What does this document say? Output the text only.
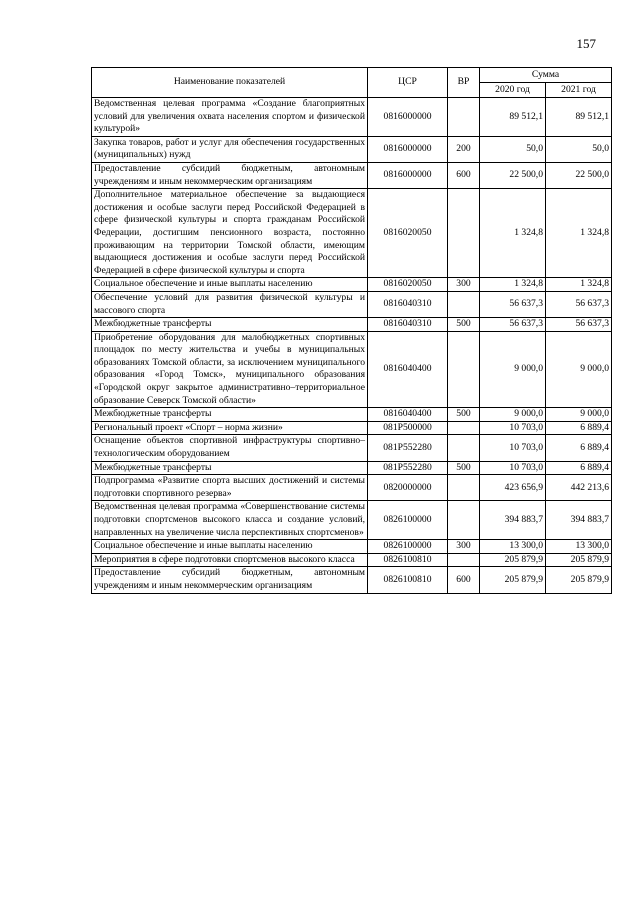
157
Наименование показателей	ЦСР	ВР	Сумма	
			2020 год	2021 год
Ведомственная целевая программа «Создание благоприятных условий для увеличения охвата населения спортом и физической культурой»	0816000000		89 512,1	89 512,1
Закупка товаров, работ и услуг для обеспечения государственных (муниципальных) нужд	0816000000	200	50,0	50,0
Предоставление субсидий бюджетным, автономным учреждениям и иным некоммерческим организациям	0816000000	600	22 500,0	22 500,0
Дополнительное материальное обеспечение за выдающиеся достижения и особые заслуги перед Российской Федерацией в сфере физической культуры и спорта гражданам Российской Федерации, достигшим пенсионного возраста, постоянно проживающим на территории Томской области, имеющим выдающиеся достижения и особые заслуги перед Российской Федерацией в сфере физической культуры и спорта	0816020050		1 324,8	1 324,8
Социальное обеспечение и иные выплаты населению	0816020050	300	1 324,8	1 324,8
Обеспечение условий для развития физической культуры и массового спорта	0816040310		56 637,3	56 637,3
Межбюджетные трансферты	0816040310	500	56 637,3	56 637,3
Приобретение оборудования для малобюджетных спортивных площадок по месту жительства и учебы в муниципальных образованиях Томской области, за исключением муниципального образования «Город Томск», муниципального образования «Городской округ закрытое административно–территориальное образование Северск Томской области»	0816040400		9 000,0	9 000,0
Межбюджетные трансферты	0816040400	500	9 000,0	9 000,0
Региональный проект «Спорт – норма жизни»	081P500000		10 703,0	6 889,4
Оснащение объектов спортивной инфраструктуры спортивно–технологическим оборудованием	081P552280		10 703,0	6 889,4
Межбюджетные трансферты	081P552280	500	10 703,0	6 889,4
Подпрограмма «Развитие спорта высших достижений и системы подготовки спортивного резерва»	0820000000		423 656,9	442 213,6
Ведомственная целевая программа «Совершенствование системы подготовки спортсменов высокого класса и создание условий, направленных на увеличение числа перспективных спортсменов»	0826100000		394 883,7	394 883,7
Социальное обеспечение и иные выплаты населению	0826100000	300	13 300,0	13 300,0
Мероприятия в сфере подготовки спортсменов высокого класса	0826100810		205 879,9	205 879,9
Предоставление субсидий бюджетным, автономным учреждениям и иным некоммерческим организациям	0826100810	600	205 879,9	205 879,9
